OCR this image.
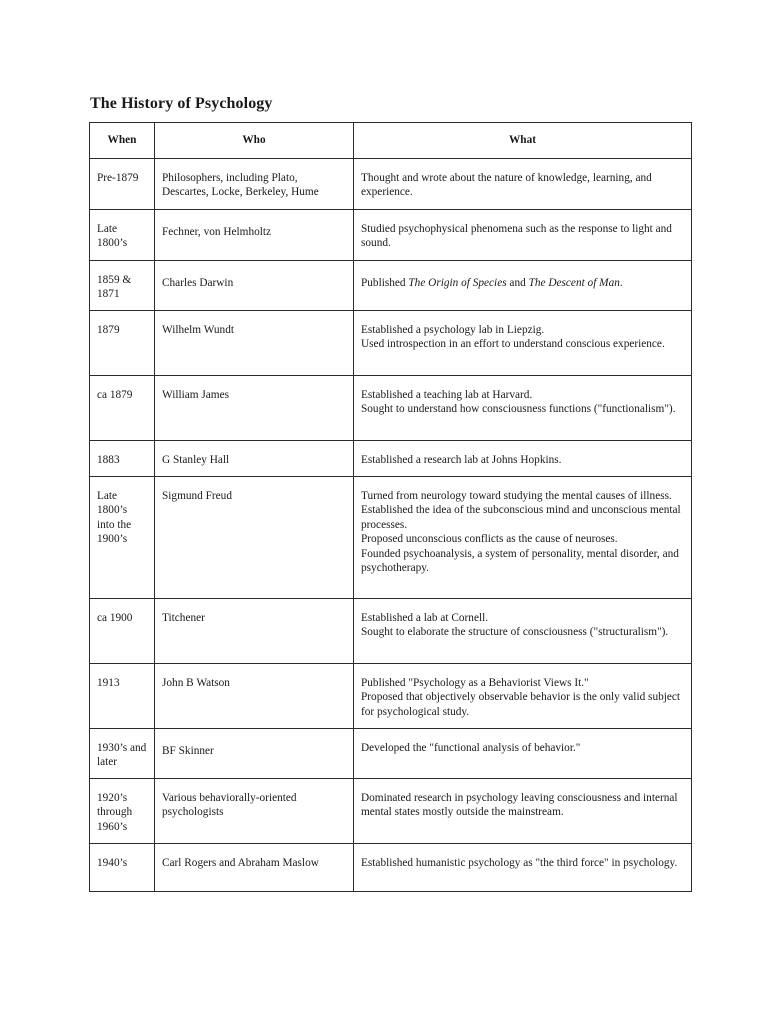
The History of Psychology
When	Who	What
Pre-1879	Philosophers, including Plato, Descartes, Locke, Berkeley, Hume	Thought and wrote about the nature of knowledge, learning, and experience.

Late 1800’s	Fechner, von Helmholtz	Studied psychophysical phenomena such as the response to light and sound.

1859 & 1871	Charles Darwin	Published The Origin of Species and The Descent of Man.
1879	Wilhelm Wundt	Established a psychology lab in Liepzig.
Used introspection in an effort to understand conscious experience.

ca 1879	William James	Established a teaching lab at Harvard.
Sought to understand how consciousness functions ("functionalism").

1883	G Stanley Hall	Established a research lab at Johns Hopkins.

Late 1800’s into the 1900’s	Sigmund Freud	Turned from neurology toward studying the mental causes of illness.
Established the idea of the subconscious mind and unconscious mental processes.
Proposed unconscious conflicts as the cause of neuroses.
Founded psychoanalysis, a system of personality, mental disorder, and psychotherapy.

ca 1900	Titchener	Established a lab at Cornell.
Sought to elaborate the structure of consciousness ("structuralism").

1913	John B Watson	Published "Psychology as a Behaviorist Views It."
Proposed that objectively observable behavior is the only valid subject for psychological study.

1930’s and later	BF Skinner	Developed the "functional analysis of behavior."

1920’s through 1960’s	Various behaviorally-oriented psychologists	Dominated research in psychology leaving consciousness and internal mental states mostly outside the mainstream.

1940’s	Carl Rogers and Abraham Maslow	Established humanistic psychology as "the third force" in psychology.
